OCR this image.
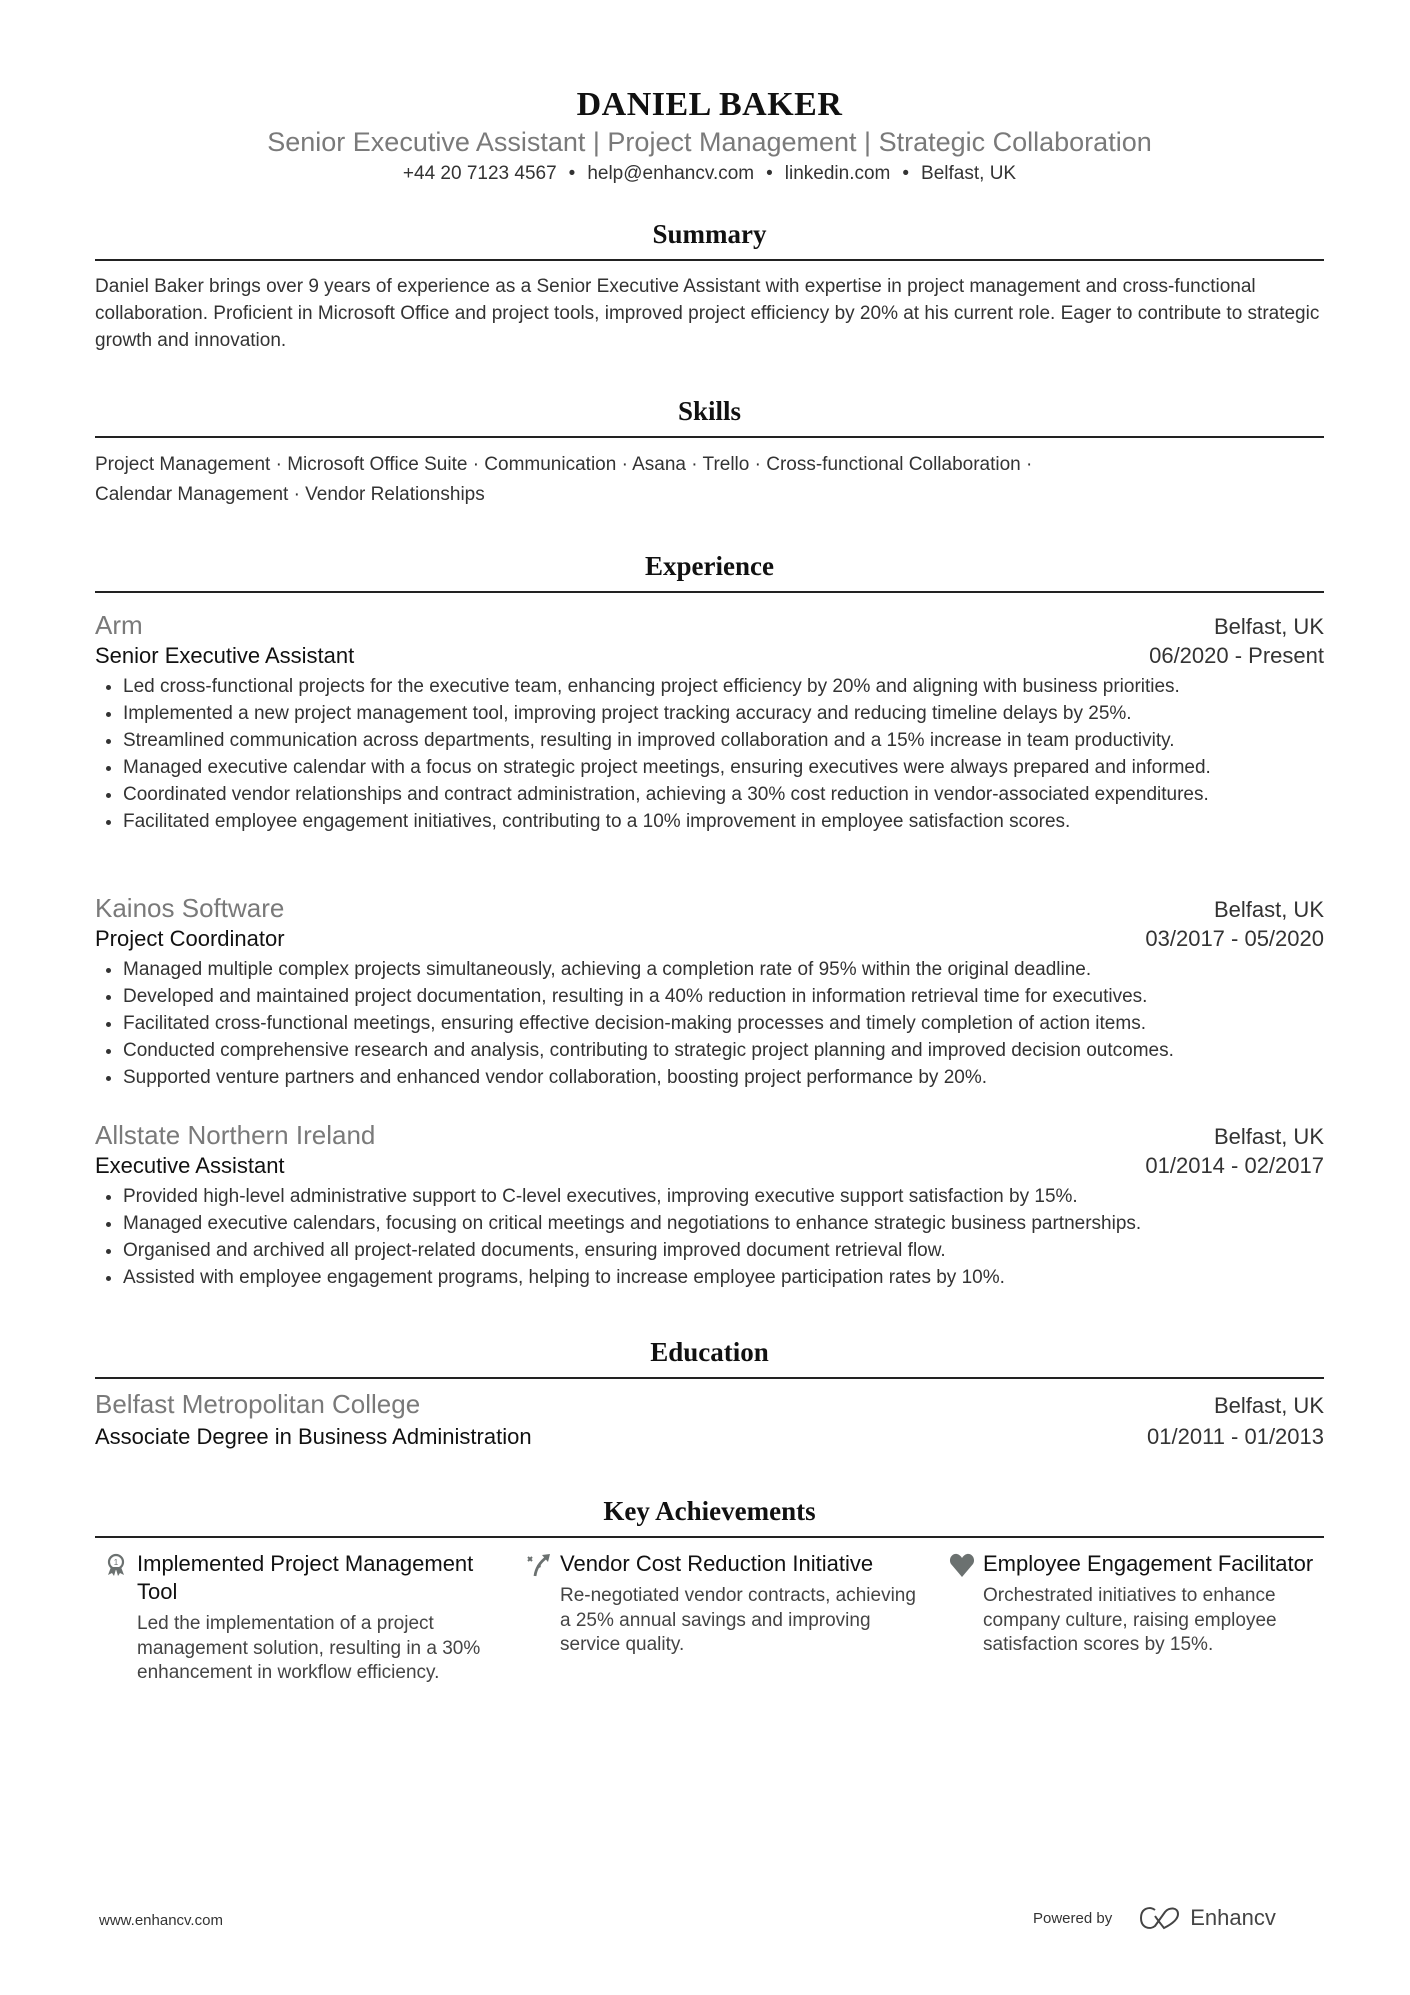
DANIEL BAKER
Senior Executive Assistant | Project Management | Strategic Collaboration
+44 20 7123 4567 • help@enhancv.com • linkedin.com • Belfast, UK
Summary
Daniel Baker brings over 9 years of experience as a Senior Executive Assistant with expertise in project management and cross-functional collaboration. Proficient in Microsoft Office and project tools, improved project efficiency by 20% at his current role. Eager to contribute to strategic growth and innovation.
Skills
Project Management · Microsoft Office Suite · Communication · Asana · Trello · Cross-functional Collaboration ·
Calendar Management · Vendor Relationships
Experience
Arm	Belfast, UK
Senior Executive Assistant	06/2020 - Present
• Led cross-functional projects for the executive team, enhancing project efficiency by 20% and aligning with business priorities.
• Implemented a new project management tool, improving project tracking accuracy and reducing timeline delays by 25%.
• Streamlined communication across departments, resulting in improved collaboration and a 15% increase in team productivity.
• Managed executive calendar with a focus on strategic project meetings, ensuring executives were always prepared and informed.
• Coordinated vendor relationships and contract administration, achieving a 30% cost reduction in vendor-associated expenditures.
• Facilitated employee engagement initiatives, contributing to a 10% improvement in employee satisfaction scores.
Kainos Software	Belfast, UK
Project Coordinator	03/2017 - 05/2020
• Managed multiple complex projects simultaneously, achieving a completion rate of 95% within the original deadline.
• Developed and maintained project documentation, resulting in a 40% reduction in information retrieval time for executives.
• Facilitated cross-functional meetings, ensuring effective decision-making processes and timely completion of action items.
• Conducted comprehensive research and analysis, contributing to strategic project planning and improved decision outcomes.
• Supported venture partners and enhanced vendor collaboration, boosting project performance by 20%.
Allstate Northern Ireland	Belfast, UK
Executive Assistant	01/2014 - 02/2017
• Provided high-level administrative support to C-level executives, improving executive support satisfaction by 15%.
• Managed executive calendars, focusing on critical meetings and negotiations to enhance strategic business partnerships.
• Organised and archived all project-related documents, ensuring improved document retrieval flow.
• Assisted with employee engagement programs, helping to increase employee participation rates by 10%.
Education
Belfast Metropolitan College	Belfast, UK
Associate Degree in Business Administration	01/2011 - 01/2013
Key Achievements
1 Implemented Project Management Tool
Led the implementation of a project management solution, resulting in a 30% enhancement in workflow efficiency.
Vendor Cost Reduction Initiative
Re-negotiated vendor contracts, achieving a 25% annual savings and improving service quality.
Employee Engagement Facilitator
Orchestrated initiatives to enhance company culture, raising employee satisfaction scores by 15%.
www.enhancv.com	Powered by	Enhancv
